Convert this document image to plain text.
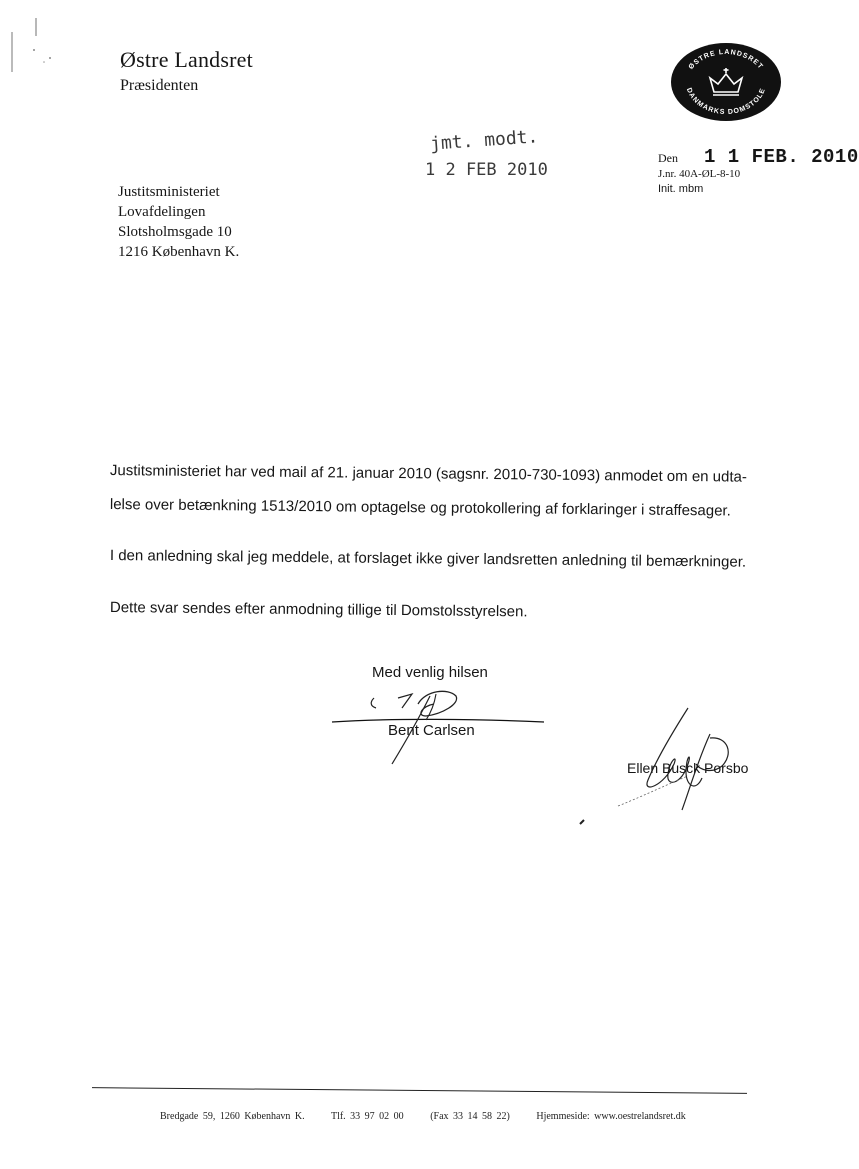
Østre Landsret
Præsidenten
ØSTRE LANDSRET
DANMARKS DOMSTOLE
jmt. modt.
1 2 FEB 2010
Den 1 1 FEB. 2010
J.nr. 40A-ØL-8-10
Init. mbm
Justitsministeriet
Lovafdelingen
Slotsholmsgade 10
1216 København K.
Justitsministeriet har ved mail af 21. januar 2010 (sagsnr. 2010-730-1093) anmodet om en udta-
lelse over betænkning 1513/2010 om optagelse og protokollering af forklaringer i straffesager.
I den anledning skal jeg meddele, at forslaget ikke giver landsretten anledning til bemærkninger.
Dette svar sendes efter anmodning tillige til Domstolsstyrelsen.
Med venlig hilsen
Bent Carlsen
Ellen Busck Porsbo
Bredgade 59, 1260 København K.	Tlf. 33 97 02 00	(Fax 33 14 58 22)	Hjemmeside: www.oestrelandsret.dk
